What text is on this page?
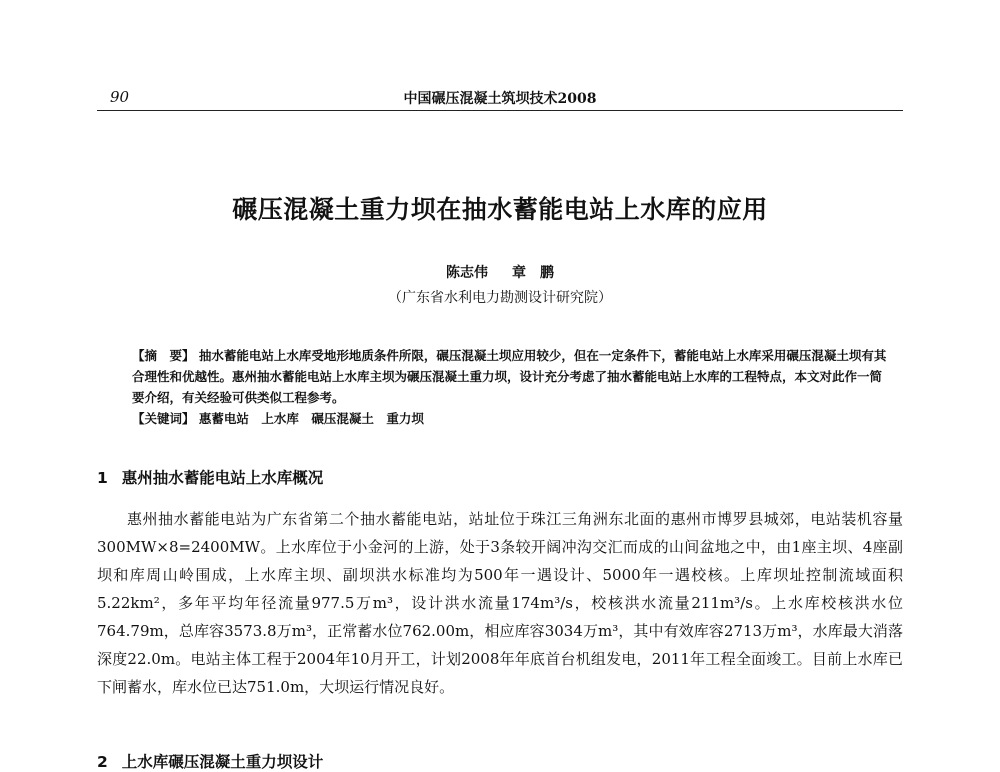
90	中国碾压混凝土筑坝技术2008
碾压混凝土重力坝在抽水蓄能电站上水库的应用
陈志伟 章　鹏
（广东省水利电力勘测设计研究院）

【摘　要】 抽水蓄能电站上水库受地形地质条件所限，碾压混凝土坝应用较少，但在一定条件下，蓄能电站上水库采用碾压混凝土坝有其合理性和优越性。惠州抽水蓄能电站上水库主坝为碾压混凝土重力坝，设计充分考虑了抽水蓄能电站上水库的工程特点，本文对此作一简要介绍，有关经验可供类似工程参考。

【关键词】 惠蓄电站　上水库　碾压混凝土　重力坝

1 惠州抽水蓄能电站上水库概况

惠州抽水蓄能电站为广东省第二个抽水蓄能电站，站址位于珠江三角洲东北面的惠州市博罗县城郊，电站装机容量300MW×8=2400MW。上水库位于小金河的上游，处于3条较开阔冲沟交汇而成的山间盆地之中，由1座主坝、4座副坝和库周山岭围成，上水库主坝、副坝洪水标准均为500年一遇设计、5000年一遇校核。上库坝址控制流域面积5.22km²，多年平均年径流量977.5万m³，设计洪水流量174m³/s，校核洪水流量211m³/s。上水库校核洪水位764.79m，总库容3573.8万m³，正常蓄水位762.00m，相应库容3034万m³，其中有效库容2713万m³，水库最大消落深度22.0m。电站主体工程于2004年10月开工，计划2008年年底首台机组发电，2011年工程全面竣工。目前上水库已下闸蓄水，库水位已达751.0m，大坝运行情况良好。

2 上水库碾压混凝土重力坝设计
